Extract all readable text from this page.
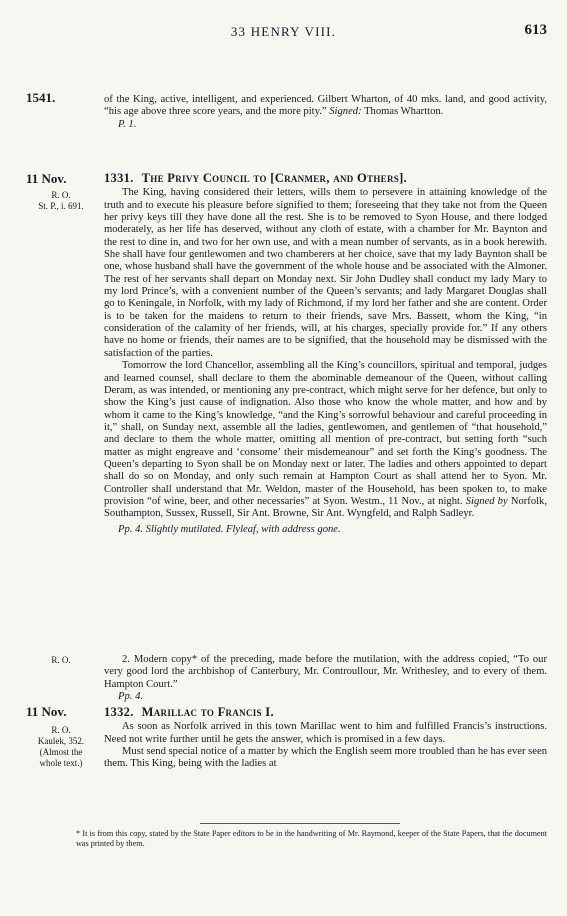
33 HENRY VIII.	613
1541.
11 Nov.
R. O.
St. P., i. 691.
R. O.
11 Nov.
R. O.
Kaulek, 352.
(Almost the
whole text.)

of the King, active, intelligent, and experienced. Gilbert Wharton, of 40 mks. land, and good activity, “his age above three score years, and the more pity.” Signed: Thomas Whartton.

P. 1.

1331. The Privy Council to [Cranmer, and Others].

The King, having considered their letters, wills them to persevere in attaining knowledge of the truth and to execute his pleasure before signified to them; foreseeing that they take not from the Queen her privy keys till they have done all the rest. She is to be removed to Syon House, and there lodged moderately, as her life has deserved, without any cloth of estate, with a chamber for Mr. Baynton and the rest to dine in, and two for her own use, and with a mean number of servants, as in a book herewith. She shall have four gentlewomen and two chamberers at her choice, save that my lady Baynton shall be one, whose husband shall have the government of the whole house and be associated with the Almoner. The rest of her servants shall depart on Monday next. Sir John Dudley shall conduct my lady Mary to my lord Prince’s, with a convenient number of the Queen’s servants; and lady Margaret Douglas shall go to Keningale, in Norfolk, with my lady of Richmond, if my lord her father and she are content. Order is to be taken for the maidens to return to their friends, save Mrs. Bassett, whom the King, “in consideration of the calamity of her friends, will, at his charges, specially provide for.” If any others have no home or friends, their names are to be signified, that the household may be dismissed with the satisfaction of the parties.

Tomorrow the lord Chancellor, assembling all the King’s councillors, spiritual and temporal, judges and learned counsel, shall declare to them the abominable demeanour of the Queen, without calling Deram, as was intended, or mentioning any pre-contract, which might serve for her defence, but only to show the King’s just cause of indignation. Also those who know the whole matter, and how and by whom it came to the King’s knowledge, “and the King’s sorrowful behaviour and careful proceeding in it,” shall, on Sunday next, assemble all the ladies, gentlewomen, and gentlemen of “that household,” and declare to them the whole matter, omitting all mention of pre-contract, but setting forth “such matter as might engreave and ‘consome’ their misdemeanour” and set forth the King’s goodness. The Queen’s departing to Syon shall be on Monday next or later. The ladies and others appointed to depart shall do so on Monday, and only such remain at Hampton Court as shall attend her to Syon. Mr. Controller shall understand that Mr. Weldon, master of the Household, has been spoken to, to make provision “of wine, beer, and other necessaries” at Syon. Westm., 11 Nov., at night. Signed by Norfolk, Southampton, Sussex, Russell, Sir Ant. Browne, Sir Ant. Wyngfeld, and Ralph Sadleyr.

Pp. 4. Slightly mutilated. Flyleaf, with address gone.

2. Modern copy* of the preceding, made before the mutilation, with the address copied, “To our very good lord the archbishop of Canterbury, Mr. Controullour, Mr. Writhesley, and to every of them. Hampton Court.”

Pp. 4.

1332. Marillac to Francis I.

As soon as Norfolk arrived in this town Marillac went to him and fulfilled Francis’s instructions. Need not write further until he gets the answer, which is promised in a few days.

Must send special notice of a matter by which the English seem more troubled than he has ever seen them. This King, being with the ladies at

* It is from this copy, stated by the State Paper editors to be in the handwriting of Mr. Raymond, keeper of the State Papers, that the document was printed by them.
